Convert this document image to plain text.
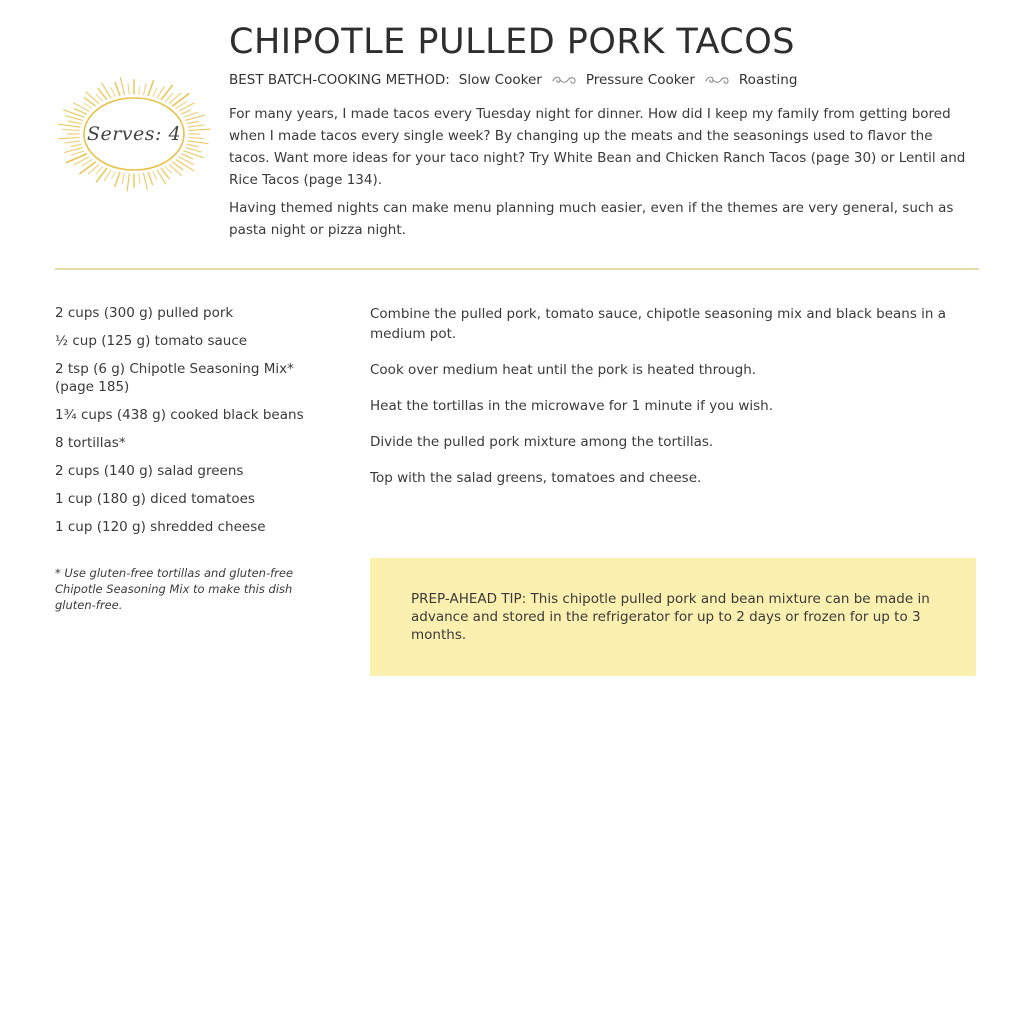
Serves: 4
CHIPOTLE PULLED PORK TACOS
BEST BATCH-COOKING METHOD: Slow Cooker	Pressure Cooker	Roasting

For many years, I made tacos every Tuesday night for dinner. How did I keep my family from getting bored when I made tacos every single week? By changing up the meats and the seasonings used to flavor the tacos. Want more ideas for your taco night? Try White Bean and Chicken Ranch Tacos (page 30) or Lentil and Rice Tacos (page 134).

Having themed nights can make menu planning much easier, even if the themes are very general, such as pasta night or pizza night.

2 cups (300 g) pulled pork
½ cup (125 g) tomato sauce
2 tsp (6 g) Chipotle Seasoning Mix* (page 185)
1¾ cups (438 g) cooked black beans
8 tortillas*
2 cups (140 g) salad greens
1 cup (180 g) diced tomatoes
1 cup (120 g) shredded cheese
* Use gluten-free tortillas and gluten-free Chipotle Seasoning Mix to make this dish gluten-free.
Combine the pulled pork, tomato sauce, chipotle seasoning mix and black beans in a medium pot.
Cook over medium heat until the pork is heated through.
Heat the tortillas in the microwave for 1 minute if you wish.
Divide the pulled pork mixture among the tortillas.
Top with the salad greens, tomatoes and cheese.
PREP-AHEAD TIP: This chipotle pulled pork and bean mixture can be made in advance and stored in the refrigerator for up to 2 days or frozen for up to 3 months.
